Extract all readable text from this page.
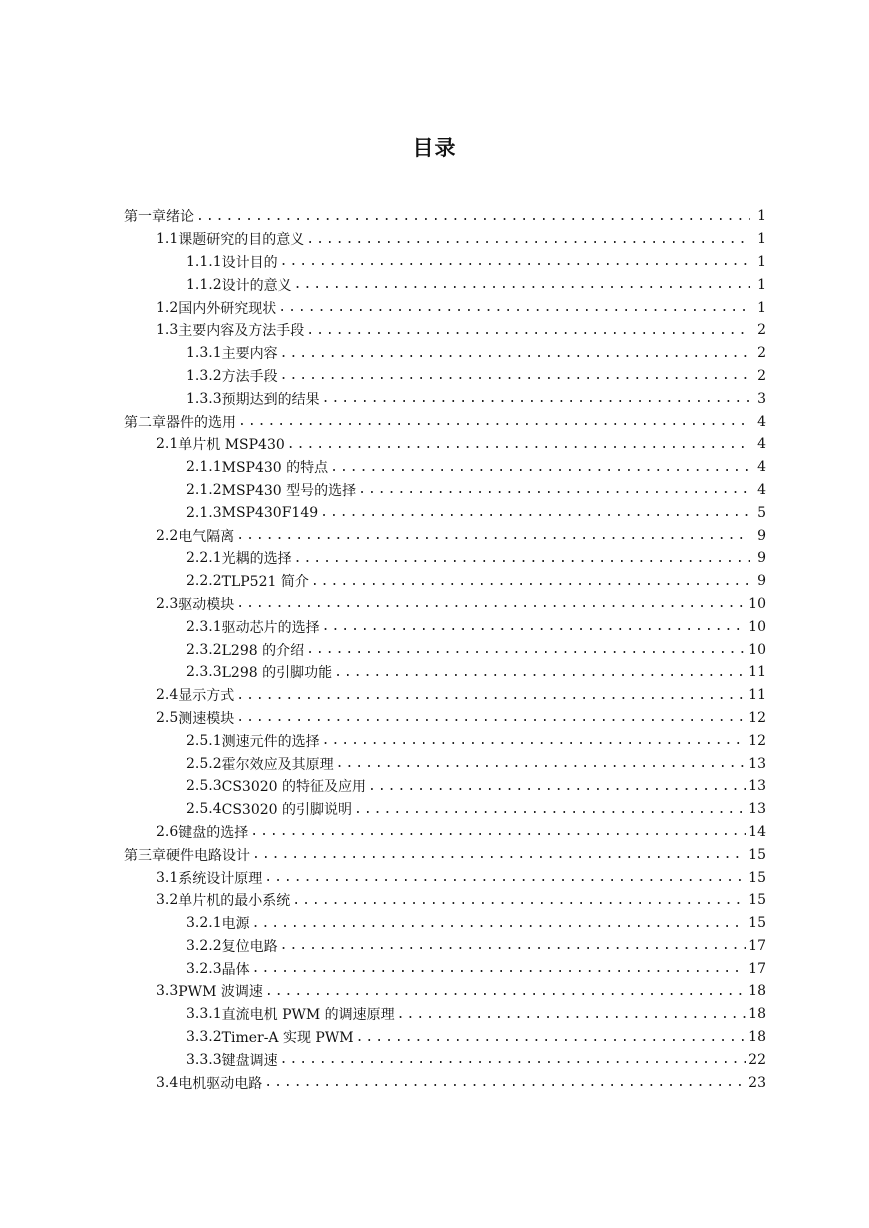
目录
第一章 绪论 .....	1
1.1 课题研究的目的意义 .....	1
1.1.1 设计目的 .....	1
1.1.2 设计的意义 .....	1
1.2 国内外研究现状 .....	1
1.3 主要内容及方法手段 .....	2
1.3.1 主要内容 .....	2
1.3.2 方法手段 .....	2
1.3.3 预期达到的结果 .....	3
第二章 器件的选用 .....	4
2.1 单片机 MSP430 .....	4
2.1.1 MSP430 的特点 .....	4
2.1.2 MSP430 型号的选择 .....	4
2.1.3 MSP430F149 .....	5
2.2 电气隔离 .....	9
2.2.1 光耦的选择 .....	9
2.2.2 TLP521 简介 .....	9
2.3 驱动模块 .....	10
2.3.1 驱动芯片的选择 .....	10
2.3.2 L298 的介绍 .....	10
2.3.3 L298 的引脚功能 .....	11
2.4 显示方式 .....	11
2.5 测速模块 .....	12
2.5.1 测速元件的选择 .....	12
2.5.2 霍尔效应及其原理 .....	13
2.5.3 CS3020 的特征及应用 .....	13
2.5.4 CS3020 的引脚说明 .....	13
2.6 键盘的选择 .....	14
第三章 硬件电路设计 .....	15
3.1 系统设计原理 .....	15
3.2 单片机的最小系统 .....	15
3.2.1 电源 .....	15
3.2.2 复位电路 .....	17
3.2.3 晶体 .....	17
3.3 PWM 波调速 .....	18
3.3.1 直流电机 PWM 的调速原理 .....	18
3.3.2 Timer-A 实现 PWM .....	18
3.3.3 键盘调速 .....	22
3.4 电机驱动电路 .....	23
